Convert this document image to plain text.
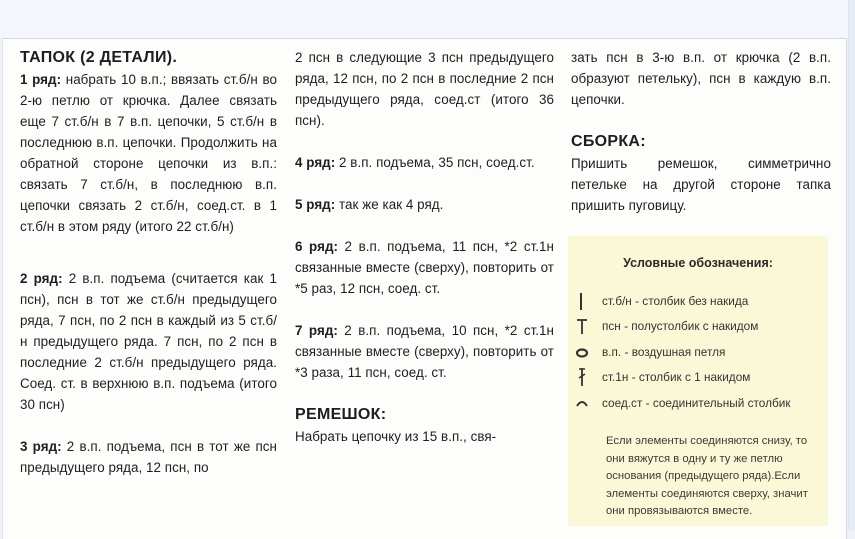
ТАПОК (2 ДЕТАЛИ).

1 ряд: набрать 10 в.п.; ввязать ст.б/н во 2-ю петлю от крючка. Далее связать еще 7 ст.б/н в 7 в.п. цепочки, 5 ст.б/н в последнюю в.п. цепочки. Продолжить на обратной стороне цепочки из в.п.: связать 7 ст.б/н, в последнюю в.п. цепочки связать 2 ст.б/н, соед.ст. в 1 ст.б/н в этом ряду (итого 22 ст.б/н)

2 ряд: 2 в.п. подъема (считается как 1 псн), псн в тот же ст.б/н предыдущего ряда, 7 псн, по 2 псн в каждый из 5 ст.б/н предыдущего ряда. 7 псн, по 2 псн в последние 2 ст.б/н предыдущего ряда. Соед. ст. в верхнюю в.п. подъема (итого 30 псн)

3 ряд: 2 в.п. подъема, псн в тот же псн предыдущего ряда, 12 псн, по

2 псн в следующие 3 псн предыдущего ряда, 12 псн, по 2 псн в последние 2 псн предыдущего ряда, соед.ст (итого 36 псн).

4 ряд: 2 в.п. подъема, 35 псн, соед.ст.

5 ряд: так же как 4 ряд.

6 ряд: 2 в.п. подъема, 11 псн, *2 ст.1н связанные вместе (сверху), повторить от *5 раз, 12 псн, соед. ст.

7 ряд: 2 в.п. подъема, 10 псн, *2 ст.1н связанные вместе (сверху), повторить от *3 раза, 11 псн, соед. ст.

РЕМЕШОК:

Набрать цепочку из 15 в.п., свя-

зать псн в 3-ю в.п. от крючка (2 в.п. образуют петельку), псн в каждую в.п. цепочки.

СБОРКА:

Пришить ремешок, симметрично петельке на другой стороне тапка пришить пуговицу.

Условные обозначения:
ст.б/н - столбик без накида
псн - полустолбик с накидом
в.п. - воздушная петля
ст.1н - столбик с 1 накидом
соед.ст - соединительный столбик
Если элементы соединяются снизу, то они вяжутся в одну и ту же петлю основания (предыдущего ряда).Если элементы соединяются сверху, значит они провязываются вместе.
